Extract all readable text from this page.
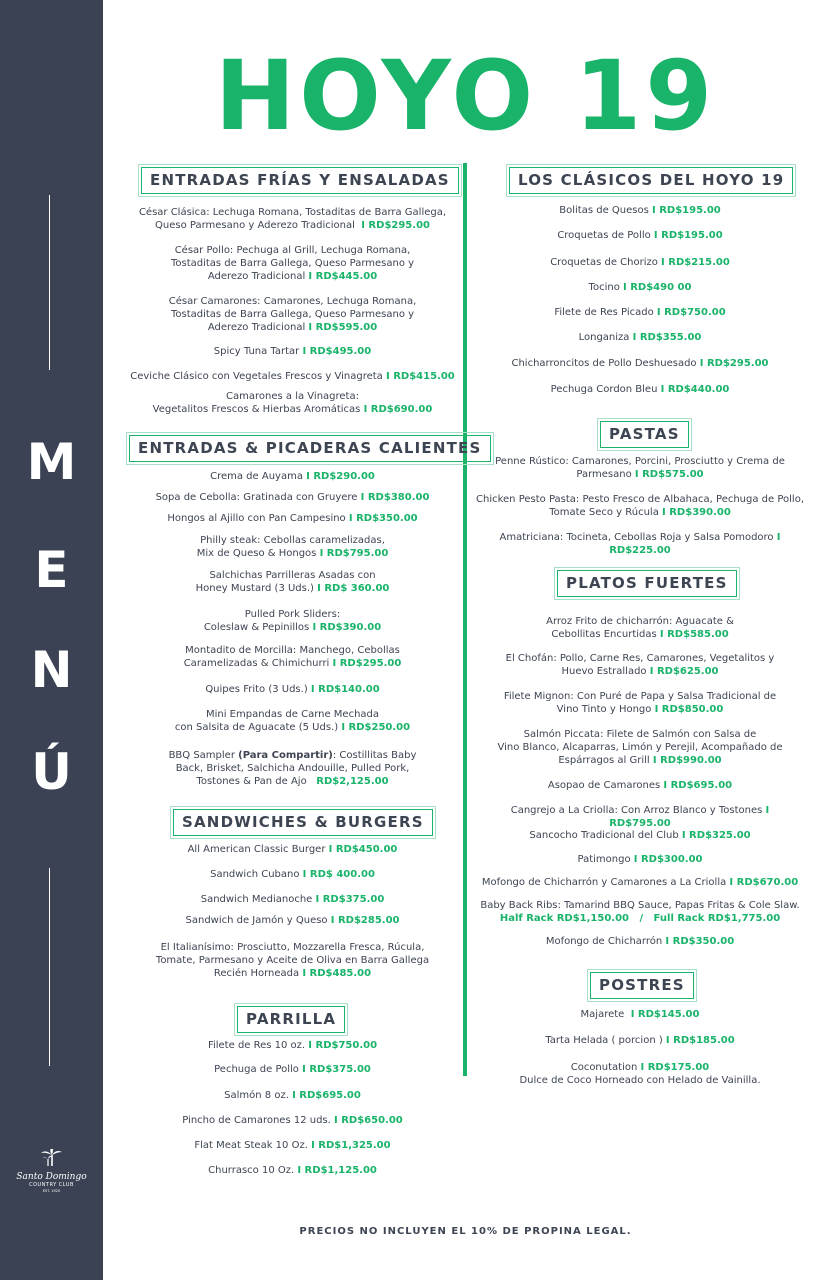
M
E
N
Ú
Santo Domingo
COUNTRY CLUB
EST. 1920
HOYO 19
ENTRADAS FRÍAS Y ENSALADAS
César Clásica: Lechuga Romana, Tostaditas de Barra Gallega,
Queso Parmesano y Aderezo Tradicional I RD$295.00
César Pollo: Pechuga al Grill, Lechuga Romana,
Tostaditas de Barra Gallega, Queso Parmesano y
Aderezo Tradicional I RD$445.00
César Camarones: Camarones, Lechuga Romana,
Tostaditas de Barra Gallega, Queso Parmesano y
Aderezo Tradicional I RD$595.00
Spicy Tuna Tartar I RD$495.00
Ceviche Clásico con Vegetales Frescos y Vinagreta I RD$415.00
Camarones a la Vinagreta:
Vegetalitos Frescos & Hierbas Aromáticas I RD$690.00
ENTRADAS & PICADERAS CALIENTES
Crema de Auyama I RD$290.00
Sopa de Cebolla: Gratinada con Gruyere I RD$380.00
Hongos al Ajillo con Pan Campesino I RD$350.00
Philly steak: Cebollas caramelizadas,
Mix de Queso & Hongos I RD$795.00
Salchichas Parrilleras Asadas con
Honey Mustard (3 Uds.) I RD$ 360.00
Pulled Pork Sliders:
Coleslaw & Pepinillos I RD$390.00
Montadito de Morcilla: Manchego, Cebollas
Caramelizadas & Chimichurri I RD$295.00
Quipes Frito (3 Uds.) I RD$140.00
Mini Empandas de Carne Mechada
con Salsita de Aguacate (5 Uds.) I RD$250.00
BBQ Sampler (Para Compartir): Costillitas Baby
Back, Brisket, Salchicha Andouille, Pulled Pork,
Tostones & Pan de Ajo RD$2,125.00
SANDWICHES & BURGERS
All American Classic Burger I RD$450.00
Sandwich Cubano I RD$ 400.00
Sandwich Medianoche I RD$375.00
Sandwich de Jamón y Queso I RD$285.00
El Italianísimo: Prosciutto, Mozzarella Fresca, Rúcula,
Tomate, Parmesano y Aceite de Oliva en Barra Gallega
Recién Horneada I RD$485.00
PARRILLA
Filete de Res 10 oz. I RD$750.00
Pechuga de Pollo I RD$375.00
Salmón 8 oz. I RD$695.00
Pincho de Camarones 12 uds. I RD$650.00
Flat Meat Steak 10 Oz. I RD$1,325.00
Churrasco 10 Oz. I RD$1,125.00
LOS CLÁSICOS DEL HOYO 19
Bolitas de Quesos I RD$195.00
Croquetas de Pollo I RD$195.00
Croquetas de Chorizo I RD$215.00
Tocino I RD$490 00
Filete de Res Picado I RD$750.00
Longaniza I RD$355.00
Chicharroncitos de Pollo Deshuesado I RD$295.00
Pechuga Cordon Bleu I RD$440.00
PASTAS
Penne Rústico: Camarones, Porcini, Prosciutto y Crema de
Parmesano I RD$575.00
Chicken Pesto Pasta: Pesto Fresco de Albahaca, Pechuga de Pollo,
Tomate Seco y Rúcula I RD$390.00
Amatriciana: Tocineta, Cebollas Roja y Salsa Pomodoro I RD$225.00
PLATOS FUERTES
Arroz Frito de chicharrón: Aguacate &
Cebollitas Encurtidas I RD$585.00
El Chofán: Pollo, Carne Res, Camarones, Vegetalitos y
Huevo Estrallado I RD$625.00
Filete Mignon: Con Puré de Papa y Salsa Tradicional de
Vino Tinto y Hongo I RD$850.00
Salmón Piccata: Filete de Salmón con Salsa de
Vino Blanco, Alcaparras, Limón y Perejil, Acompañado de
Espárragos al Grill I RD$990.00
Asopao de Camarones I RD$695.00
Cangrejo a La Criolla: Con Arroz Blanco y Tostones I RD$795.00
Sancocho Tradicional del Club I RD$325.00
Patimongo I RD$300.00
Mofongo de Chicharrón y Camarones a La Criolla I RD$670.00
Baby Back Ribs: Tamarind BBQ Sauce, Papas Fritas & Cole Slaw.
Half Rack RD$1,150.00   /   Full Rack RD$1,775.00
Mofongo de Chicharrón I RD$350.00
POSTRES
Majarete I RD$145.00
Tarta Helada ( porcion ) I RD$185.00
Coconutation I RD$175.00
Dulce de Coco Horneado con Helado de Vainilla.
PRECIOS NO INCLUYEN EL 10% DE PROPINA LEGAL.
